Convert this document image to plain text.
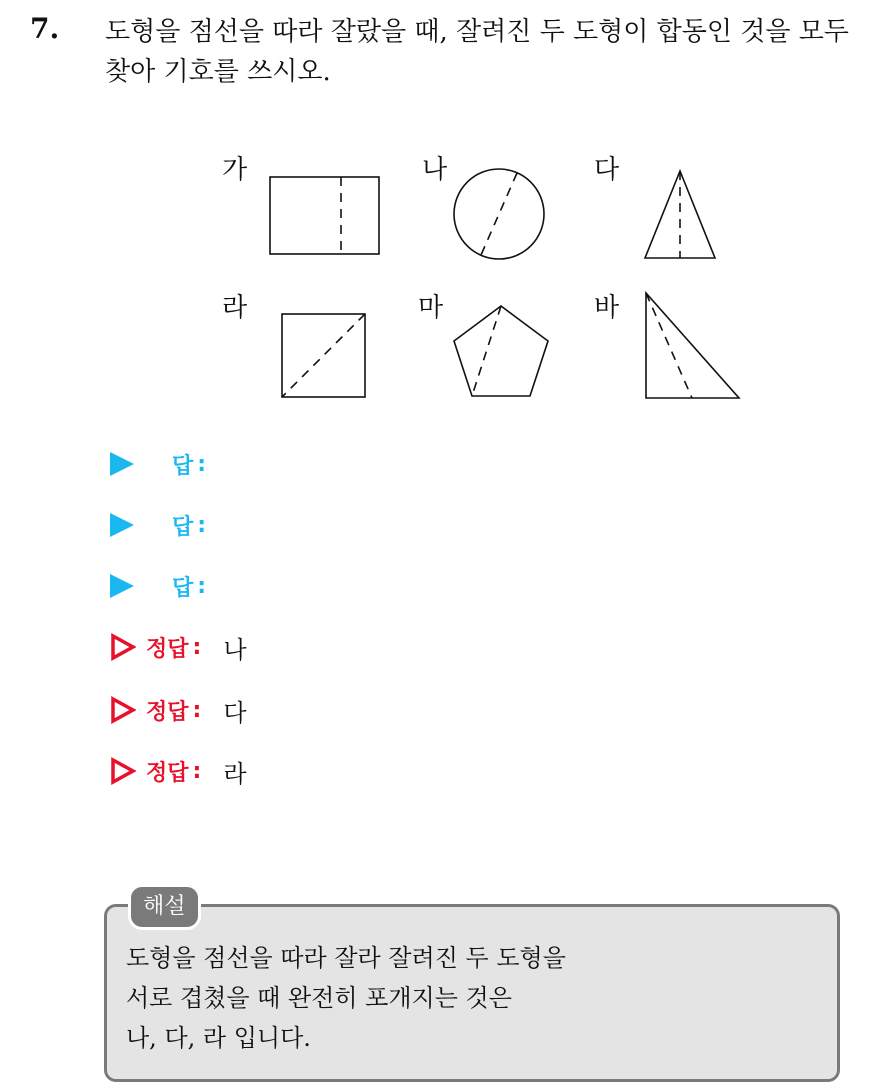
7. 도형을 점선을 따라 잘랐을 때, 잘려진 두 도형이 합동인 것을 모두 찾아 기호를 쓰시오.
가	나	다
라	마	바
답 :
답 :
답 :
정답 : 나
정답 : 다
정답 : 라
해설
도형을 점선을 따라 잘라 잘려진 두 도형을
서로 겹쳤을 때 완전히 포개지는 것은
나, 다, 라 입니다.
